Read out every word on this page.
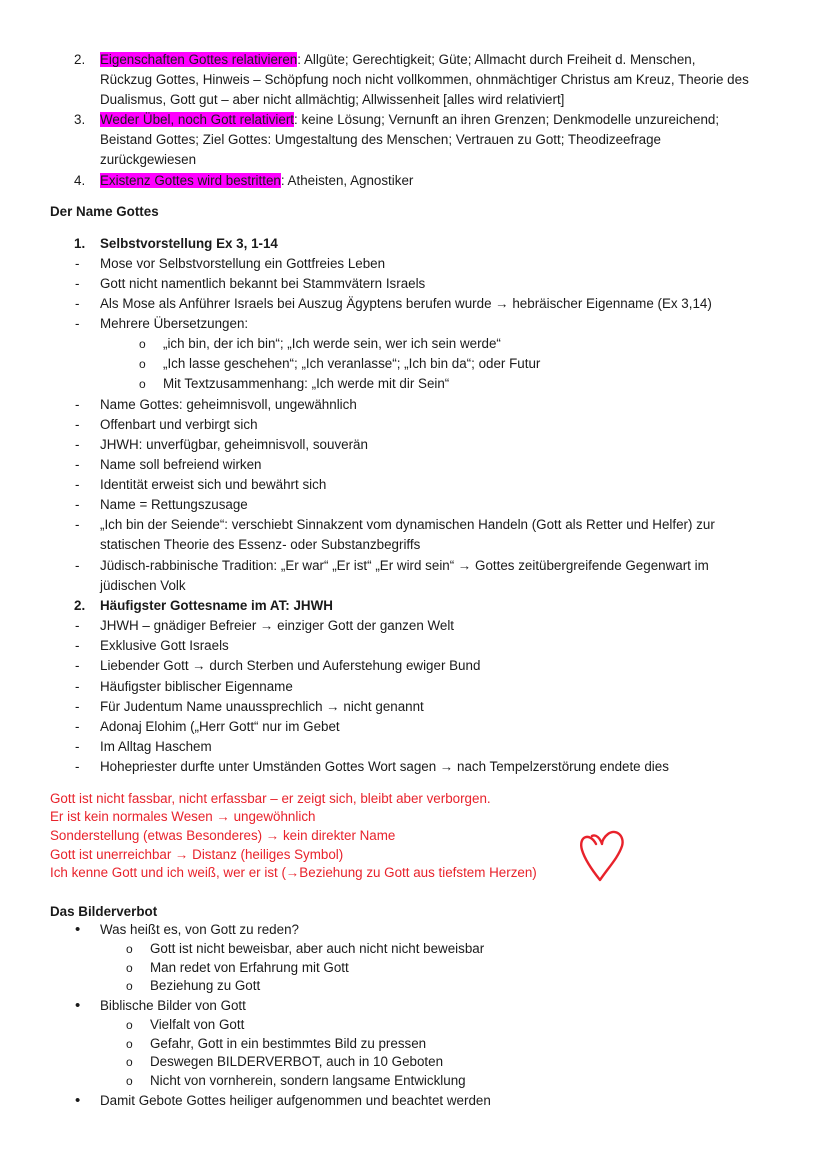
2. Eigenschaften Gottes relativieren: Allgüte; Gerechtigkeit; Güte; Allmacht durch Freiheit d. Menschen,
Rückzug Gottes, Hinweis – Schöpfung noch nicht vollkommen, ohnmächtiger Christus am Kreuz, Theorie des
Dualismus, Gott gut – aber nicht allmächtig; Allwissenheit [alles wird relativiert]
3. Weder Übel, noch Gott relativiert: keine Lösung; Vernunft an ihren Grenzen; Denkmodelle unzureichend;
Beistand Gottes; Ziel Gottes: Umgestaltung des Menschen; Vertrauen zu Gott; Theodizeefrage
zurückgewiesen
4. Existenz Gottes wird bestritten: Atheisten, Agnostiker
Der Name Gottes
1. Selbstvorstellung Ex 3, 1-14
- Mose vor Selbstvorstellung ein Gottfreies Leben
- Gott nicht namentlich bekannt bei Stammvätern Israels
- Als Mose als Anführer Israels bei Auszug Ägyptens berufen wurde → hebräischer Eigenname (Ex 3,14)
- Mehrere Übersetzungen:
o „ich bin, der ich bin“; „Ich werde sein, wer ich sein werde“
o „Ich lasse geschehen“; „Ich veranlasse“; „Ich bin da“; oder Futur
o Mit Textzusammenhang: „Ich werde mit dir Sein“
- Name Gottes: geheimnisvoll, ungewähnlich
- Offenbart und verbirgt sich
- JHWH: unverfügbar, geheimnisvoll, souverän
- Name soll befreiend wirken
- Identität erweist sich und bewährt sich
- Name = Rettungszusage
- „Ich bin der Seiende“: verschiebt Sinnakzent vom dynamischen Handeln (Gott als Retter und Helfer) zur
statischen Theorie des Essenz- oder Substanzbegriffs
- Jüdisch-rabbinische Tradition: „Er war“ „Er ist“ „Er wird sein“ → Gottes zeitübergreifende Gegenwart im
jüdischen Volk
2. Häufigster Gottesname im AT: JHWH
- JHWH – gnädiger Befreier → einziger Gott der ganzen Welt
- Exklusive Gott Israels
- Liebender Gott → durch Sterben und Auferstehung ewiger Bund
- Häufigster biblischer Eigenname
- Für Judentum Name unaussprechlich → nicht genannt
- Adonaj Elohim („Herr Gott“ nur im Gebet
- Im Alltag Haschem
- Hohepriester durfte unter Umständen Gottes Wort sagen → nach Tempelzerstörung endete dies
Gott ist nicht fassbar, nicht erfassbar – er zeigt sich, bleibt aber verborgen.
Er ist kein normales Wesen → ungewöhnlich
Sonderstellung (etwas Besonderes) → kein direkter Name
Gott ist unerreichbar → Distanz (heiliges Symbol)
Ich kenne Gott und ich weiß, wer er ist (→Beziehung zu Gott aus tiefstem Herzen)
Das Bilderverbot
• Was heißt es, von Gott zu reden?
o Gott ist nicht beweisbar, aber auch nicht nicht beweisbar
o Man redet von Erfahrung mit Gott
o Beziehung zu Gott
• Biblische Bilder von Gott
o Vielfalt von Gott
o Gefahr, Gott in ein bestimmtes Bild zu pressen
o Deswegen BILDERVERBOT, auch in 10 Geboten
o Nicht von vornherein, sondern langsame Entwicklung
• Damit Gebote Gottes heiliger aufgenommen und beachtet werden
